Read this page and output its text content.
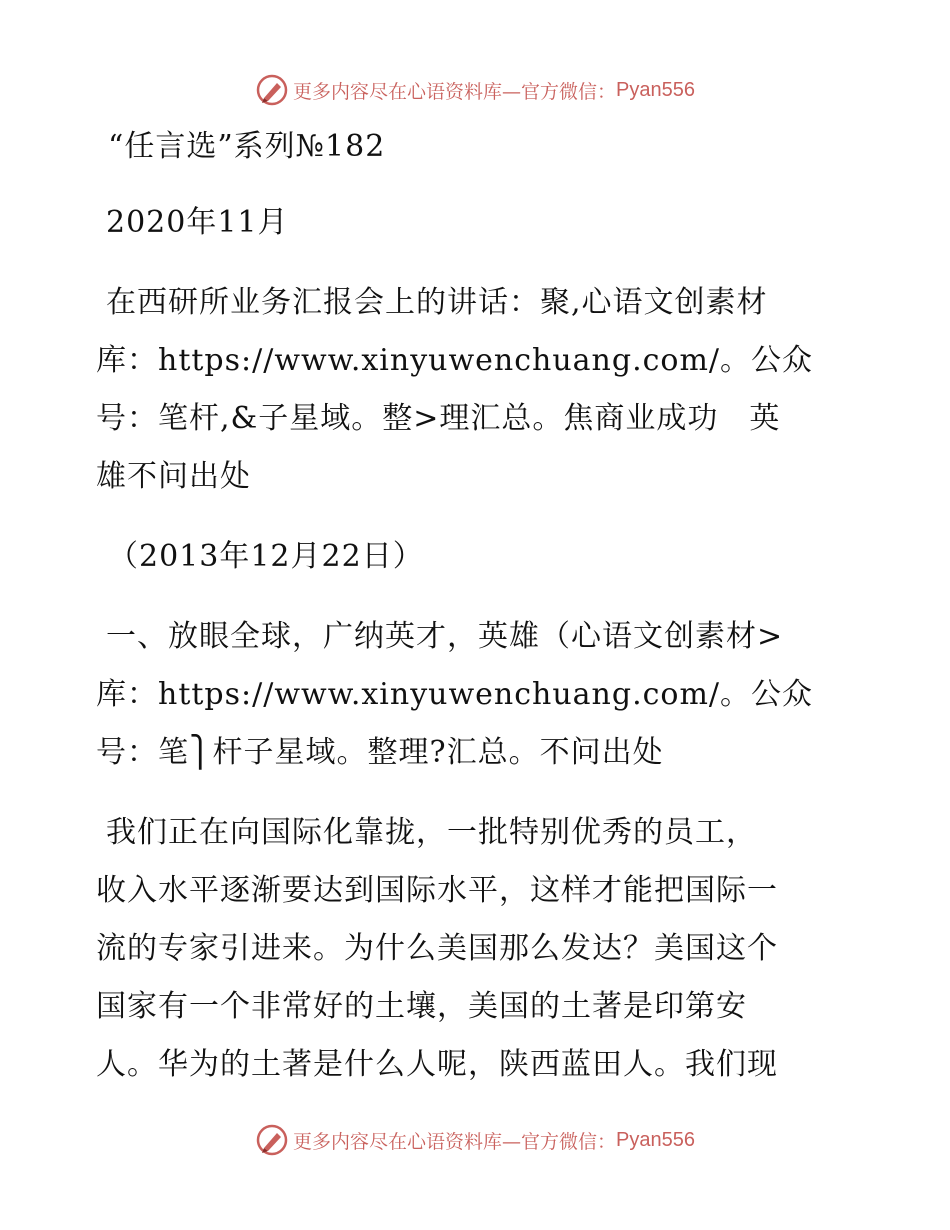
更多内容尽在心语资料库—官方微信： Pyan556
“任言选”系列№182
2020年11月
在西研所业务汇报会上的讲话：聚,心语文创素材
库：https://www.xinyuwenchuang.com/。公众
号：笔杆,&子星域。整>理汇总。焦商业成功　英
雄不问出处
（2013年12月22日）
一、放眼全球，广纳英才，英雄（心语文创素材>
库：https://www.xinyuwenchuang.com/。公众
号：笔⎫杆子星域。整理?汇总。不问出处
我们正在向国际化靠拢，一批特别优秀的员工，
收入水平逐渐要达到国际水平，这样才能把国际一
流的专家引进来。为什么美国那么发达？美国这个
国家有一个非常好的土壤，美国的土著是印第安
人。华为的土著是什么人呢，陕西蓝田人。我们现
更多内容尽在心语资料库—官方微信： Pyan556
